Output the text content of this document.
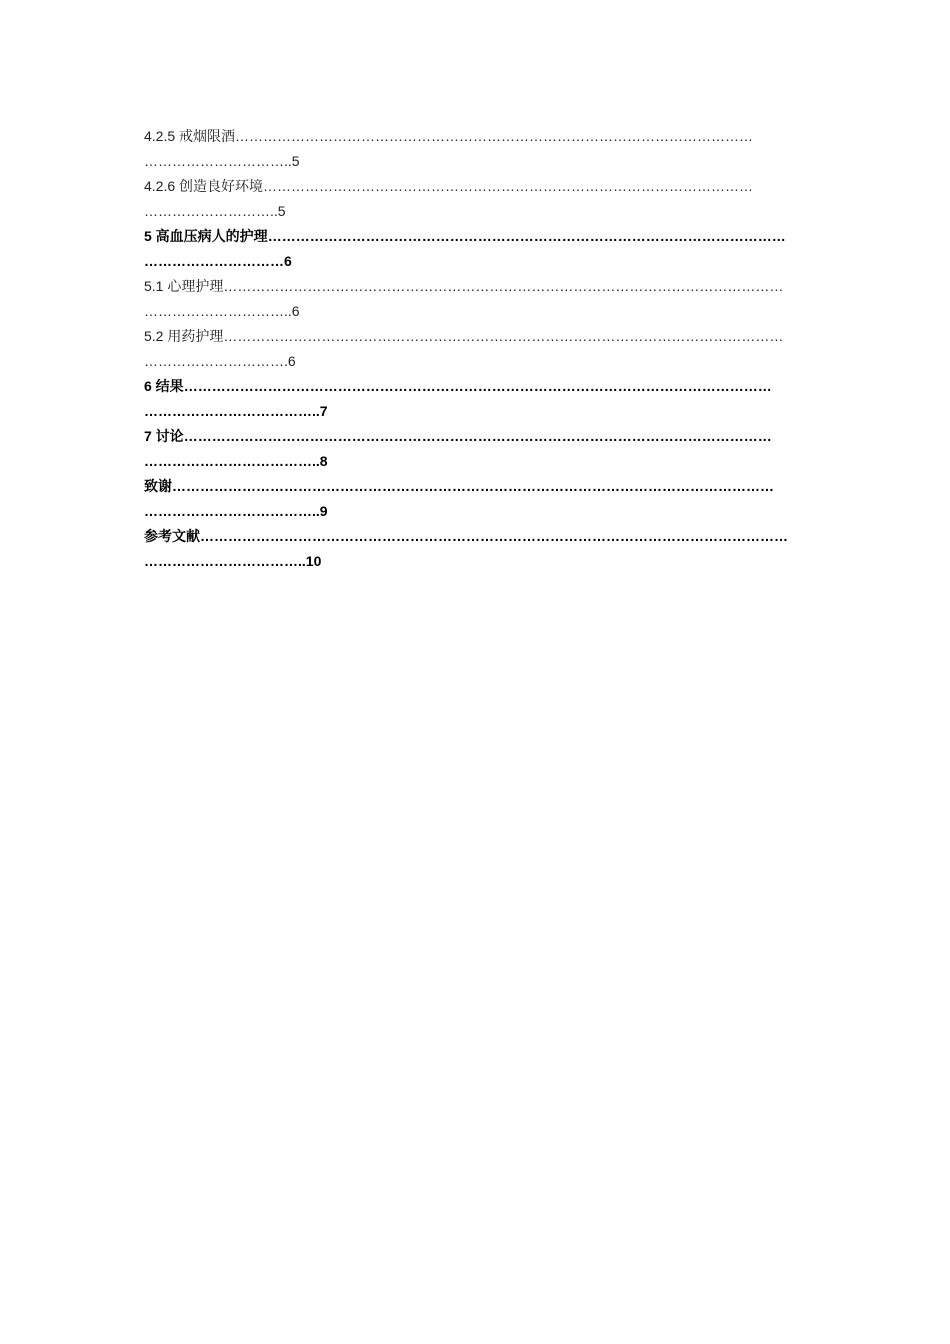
4.2.5 戒烟限酒…………………………………………………………………………………………………
…………………………..5
4.2.6 创造良好环境……………………………………………………………………………………………
………………………..5
5 高血压病人的护理…………………………………………………………………………………………………
…………………………6
5.1 心理护理…………………………………………………………………………………………………………
…………………………..6
5.2 用药护理…………………………………………………………………………………………………………
………………………….6
6 结果………………………………………………………………………………………………………………
………………………………..7
7 讨论………………………………………………………………………………………………………………
………………………………..8
致谢…………………………………………………………………………………………………………………
………………………………..9
参考文献………………………………………………………………………………………………………………
……………………………..10
